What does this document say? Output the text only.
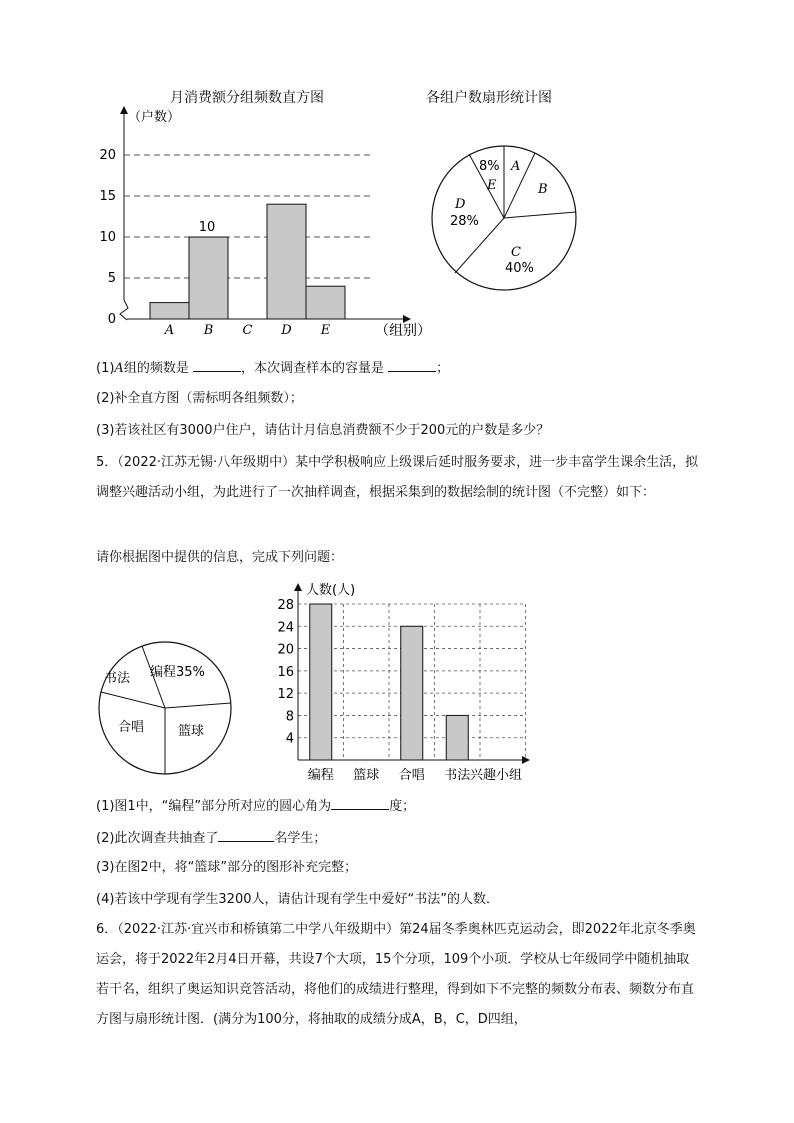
月消费额分组频数直方图
（户数）
20
15
10
5
0
10
A B C D E	（组别）
各组户数扇形统计图
8%
E
A
B
D
28%
C
40%
(1)A组的频数是	，本次调查样本的容量是	；
(2)补全直方图（需标明各组频数）；
(3)若该社区有3000户住户，请估计月信息消费额不少于200元的户数是多少？
5．（2022·江苏无锡·八年级期中）某中学积极响应上级课后延时服务要求，进一步丰富学生课余生活，拟调整兴趣活动小组，为此进行了一次抽样调查，根据采集到的数据绘制的统计图（不完整）如下：
请你根据图中提供的信息，完成下列问题：
编程35%
书法
合唱	篮球
人数(人)
4
8
12
16
20
24
28
编程 篮球 合唱 书法 兴趣小组
(1)图1中，“编程”部分所对应的圆心角为	度；
(2)此次调查共抽查了	名学生；
(3)在图2中，将“篮球”部分的图形补充完整；
(4)若该中学现有学生3200人，请估计现有学生中爱好“书法”的人数．
6．（2022·江苏·宜兴市和桥镇第二中学八年级期中）第24届冬季奥林匹克运动会，即2022年北京冬季奥运会，将于2022年2月4日开幕，共设7个大项，15个分项，109个小项．学校从七年级同学中随机抽取若干名，组织了奥运知识竞答活动，将他们的成绩进行整理，得到如下不完整的频数分布表、频数分布直方图与扇形统计图．(满分为100分，将抽取的成绩分成A，B，C，D四组，
